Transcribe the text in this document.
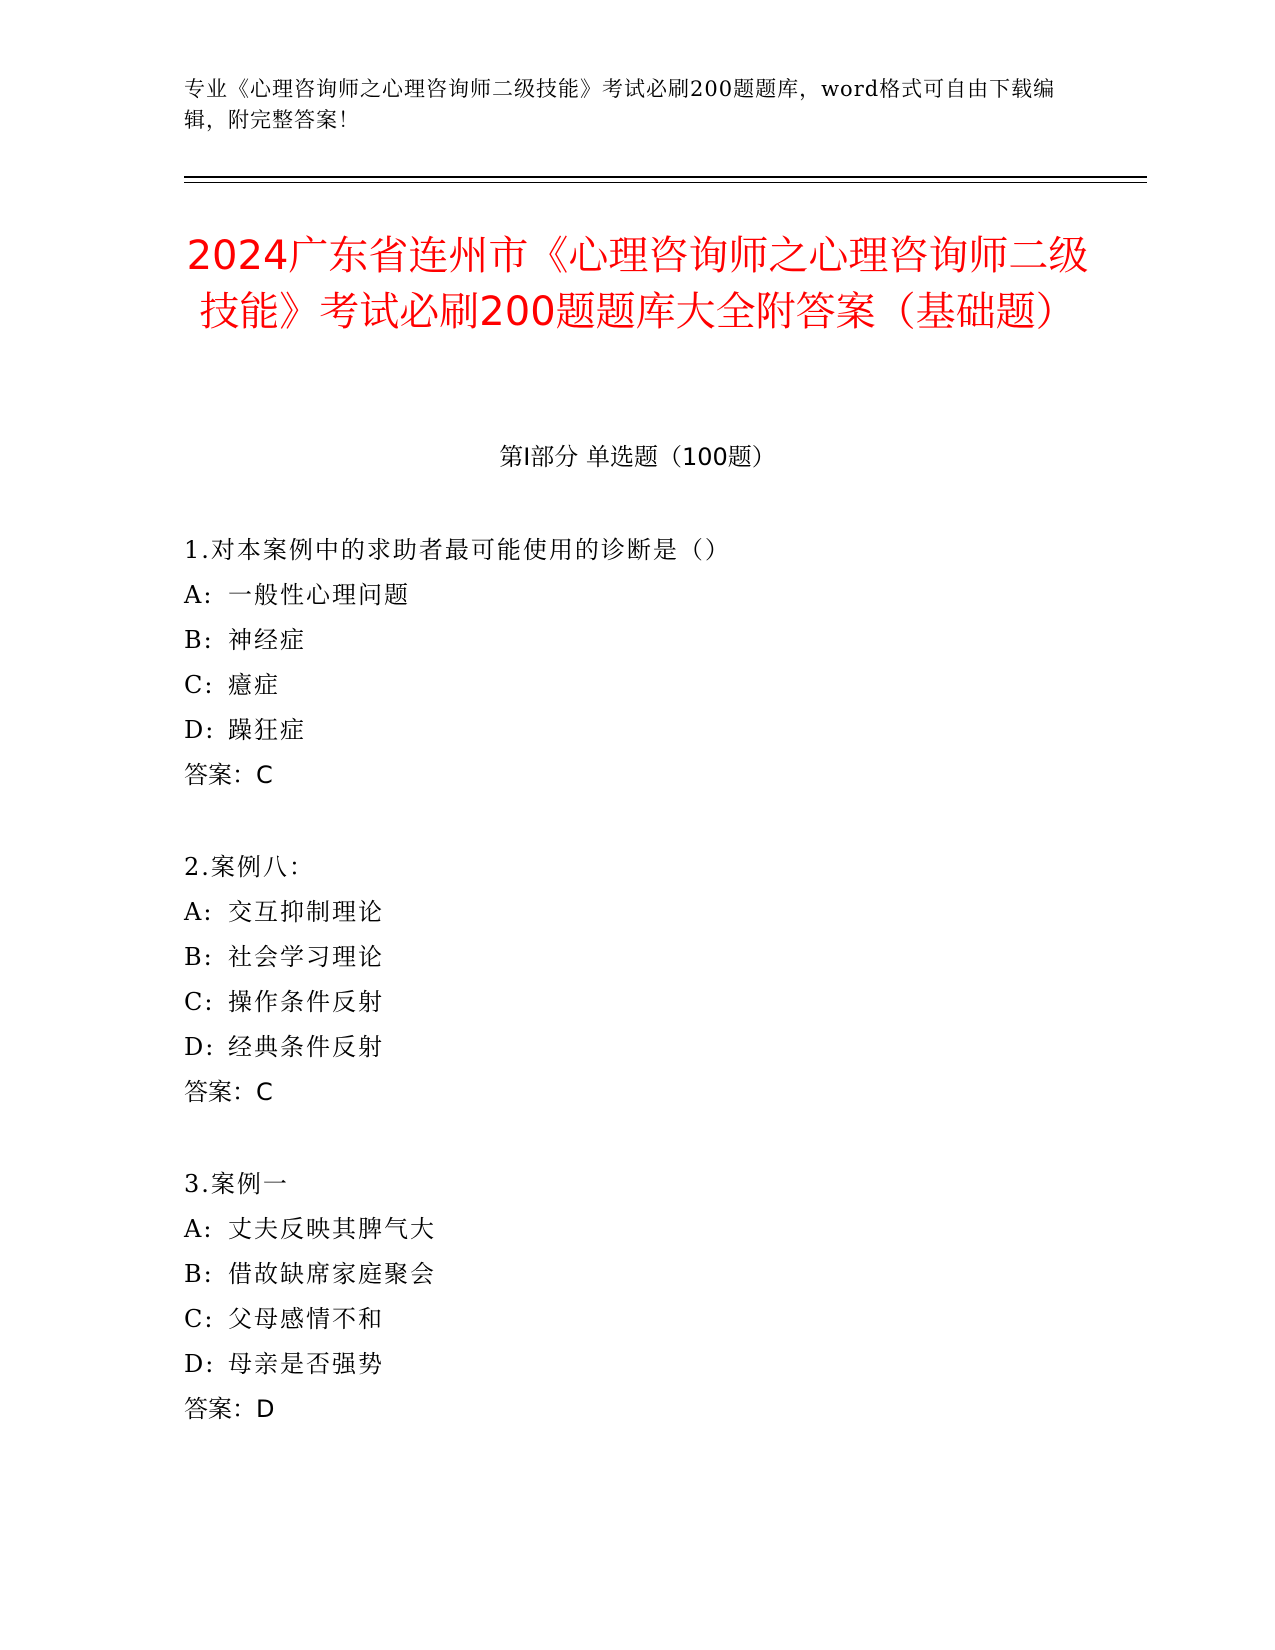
专业《心理咨询师之心理咨询师二级技能》考试必刷200题题库，word格式可自由下载编辑，附完整答案！
2024广东省连州市《心理咨询师之心理咨询师二级技能》考试必刷200题题库大全附答案（基础题）
第I部分 单选题（100题）
1.对本案例中的求助者最可能使用的诊断是（）
A: 一般性心理问题
B: 神经症
C: 癔症
D: 躁狂症
答案：C
2.案例八：
A: 交互抑制理论
B: 社会学习理论
C: 操作条件反射
D: 经典条件反射
答案：C
3.案例一
A: 丈夫反映其脾气大
B: 借故缺席家庭聚会
C: 父母感情不和
D: 母亲是否强势
答案：D
